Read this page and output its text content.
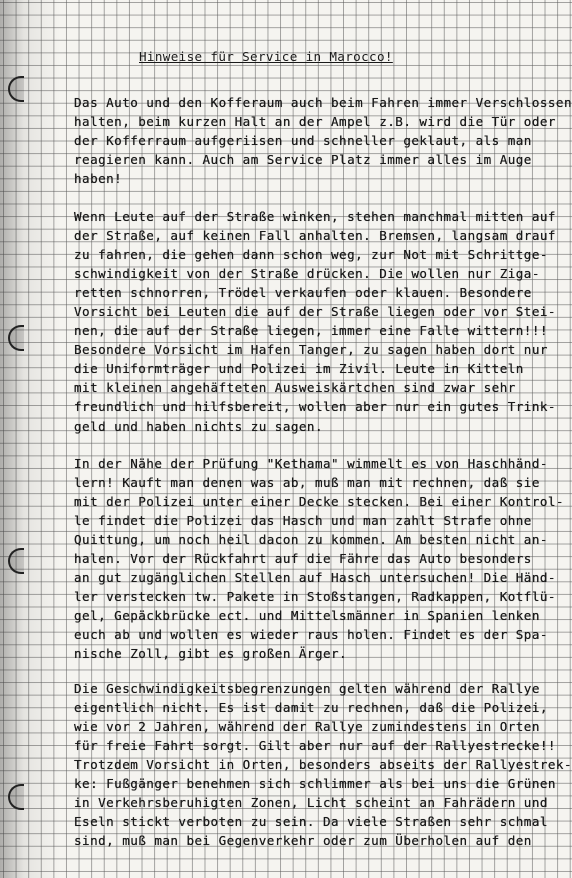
Hinweise für Service in Marocco!
Das Auto und den Kofferaum auch beim Fahren immer Verschlossen
halten, beim kurzen Halt an der Ampel z.B. wird die Tür oder
der Kofferraum aufgeriisen und schneller geklaut, als man
reagieren kann. Auch am Service Platz immer alles im Auge
haben!
Wenn Leute auf der Straße winken, stehen manchmal mitten auf
der Straße, auf keinen Fall anhalten. Bremsen, langsam drauf
zu fahren, die gehen dann schon weg, zur Not mit Schrittge-
schwindigkeit von der Straße drücken. Die wollen nur Ziga-
retten schnorren, Trödel verkaufen oder klauen. Besondere
Vorsicht bei Leuten die auf der Straße liegen oder vor Stei-
nen, die auf der Straße liegen, immer eine Falle wittern!!!
Besondere Vorsicht im Hafen Tanger, zu sagen haben dort nur
die Uniformträger und Polizei im Zivil. Leute in Kitteln
mit kleinen angehäfteten Ausweiskärtchen sind zwar sehr
freundlich und hilfsbereit, wollen aber nur ein gutes Trink-
geld und haben nichts zu sagen.
In der Nähe der Prüfung "Kethama" wimmelt es von Haschhänd-
lern! Kauft man denen was ab, muß man mit rechnen, daß sie
mit der Polizei unter einer Decke stecken. Bei einer Kontrol-
le findet die Polizei das Hasch und man zahlt Strafe ohne
Quittung, um noch heil dacon zu kommen. Am besten nicht an-
halen. Vor der Rückfahrt auf die Fähre das Auto besonders
an gut zugänglichen Stellen auf Hasch untersuchen! Die Händ-
ler verstecken tw. Pakete in Stoßstangen, Radkappen, Kotflü-
gel, Gepäckbrücke ect. und Mittelsmänner in Spanien lenken
euch ab und wollen es wieder raus holen. Findet es der Spa-
nische Zoll, gibt es großen Ärger.
Die Geschwindigkeitsbegrenzungen gelten während der Rallye
eigentlich nicht. Es ist damit zu rechnen, daß die Polizei,
wie vor 2 Jahren, während der Rallye zumindestens in Orten
für freie Fahrt sorgt. Gilt aber nur auf der Rallyestrecke!!
Trotzdem Vorsicht in Orten, besonders abseits der Rallyestrek-
ke: Fußgänger benehmen sich schlimmer als bei uns die Grünen
in Verkehrsberuhigten Zonen, Licht scheint an Fahrädern und
Eseln stickt verboten zu sein. Da viele Straßen sehr schmal
sind, muß man bei Gegenverkehr oder zum Überholen auf den
